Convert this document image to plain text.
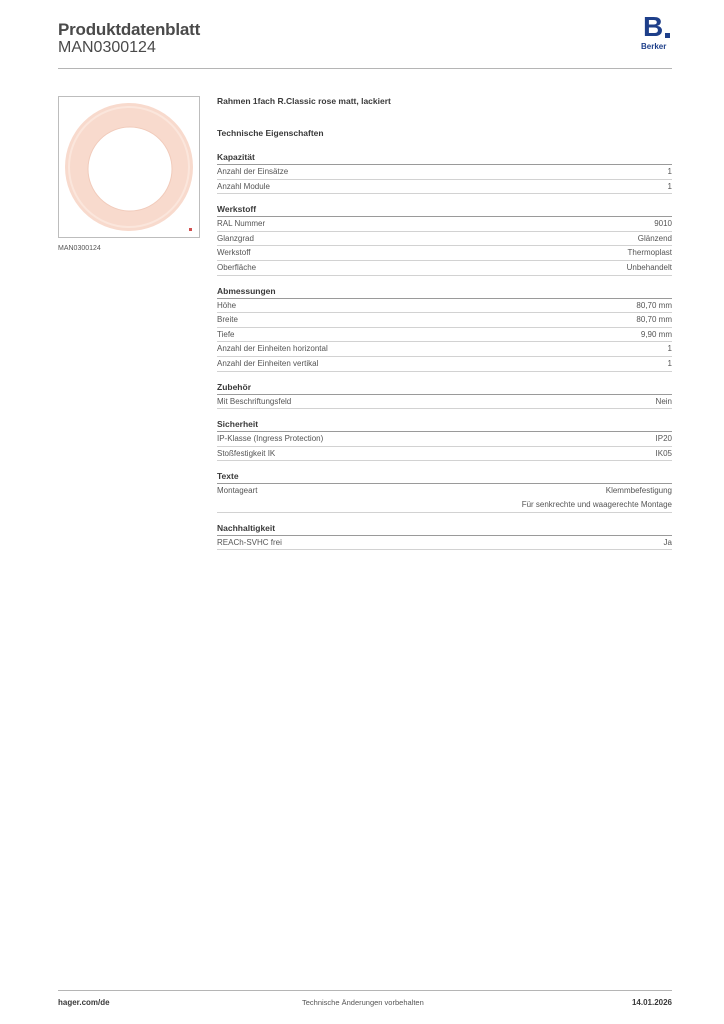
Produktdatenblatt
MAN0300124
B
Berker
MAN0300124
Rahmen 1fach R.Classic rose matt, lackiert
Technische Eigenschaften
Kapazität
Anzahl der Einsätze	1
Anzahl Module	1
Werkstoff
RAL Nummer	9010
Glanzgrad	Glänzend
Werkstoff	Thermoplast
Oberfläche	Unbehandelt
Abmessungen
Höhe	80,70 mm
Breite	80,70 mm
Tiefe	9,90 mm
Anzahl der Einheiten horizontal	1
Anzahl der Einheiten vertikal	1
Zubehör
Mit Beschriftungsfeld	Nein
Sicherheit
IP-Klasse (Ingress Protection)	IP20
Stoßfestigkeit IK	IK05
Texte
Montageart	Klemmbefestigung
Für senkrechte und waagerechte Montage
Nachhaltigkeit
REACh-SVHC frei	Ja
hager.com/de	Technische Änderungen vorbehalten	14.01.2026
